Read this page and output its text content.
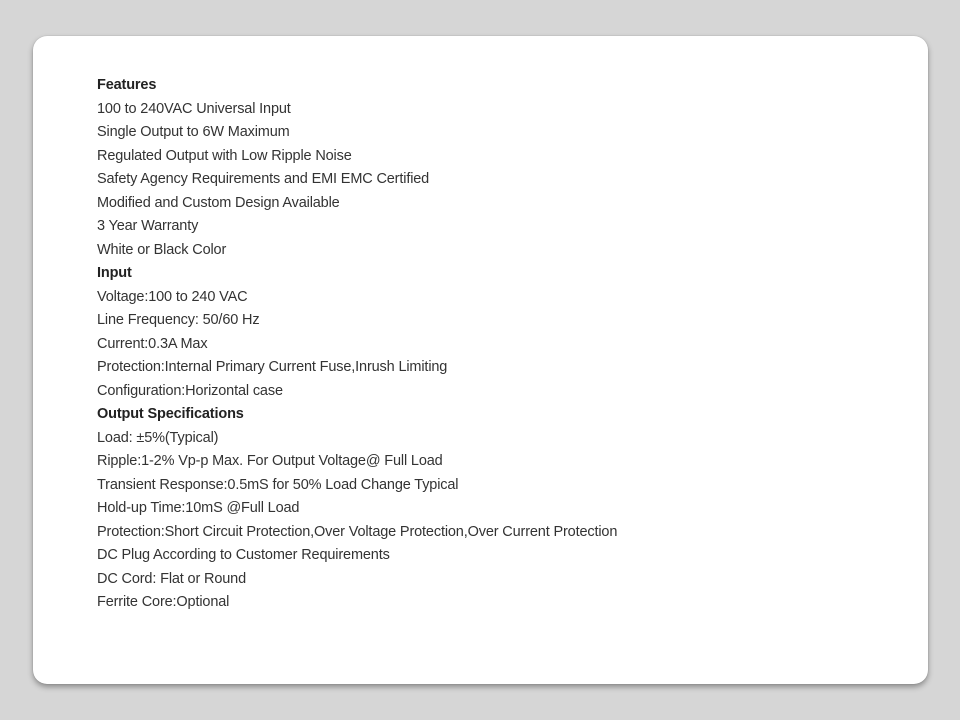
Features
100 to 240VAC Universal Input
Single Output to 6W Maximum
Regulated Output with Low Ripple Noise
Safety Agency Requirements and EMI EMC Certified
Modified and Custom Design Available
3 Year Warranty
White or Black Color
Input
Voltage:100 to 240 VAC
Line Frequency: 50/60 Hz
Current:0.3A Max
Protection:Internal Primary Current Fuse,Inrush Limiting
Configuration:Horizontal case
Output Specifications
Load: ±5%(Typical)
Ripple:1-2% Vp-p Max. For Output Voltage@ Full Load
Transient Response:0.5mS for 50% Load Change Typical
Hold-up Time:10mS @Full Load
Protection:Short Circuit Protection,Over Voltage Protection,Over Current Protection
DC Plug According to Customer Requirements
DC Cord: Flat or Round
Ferrite Core:Optional
